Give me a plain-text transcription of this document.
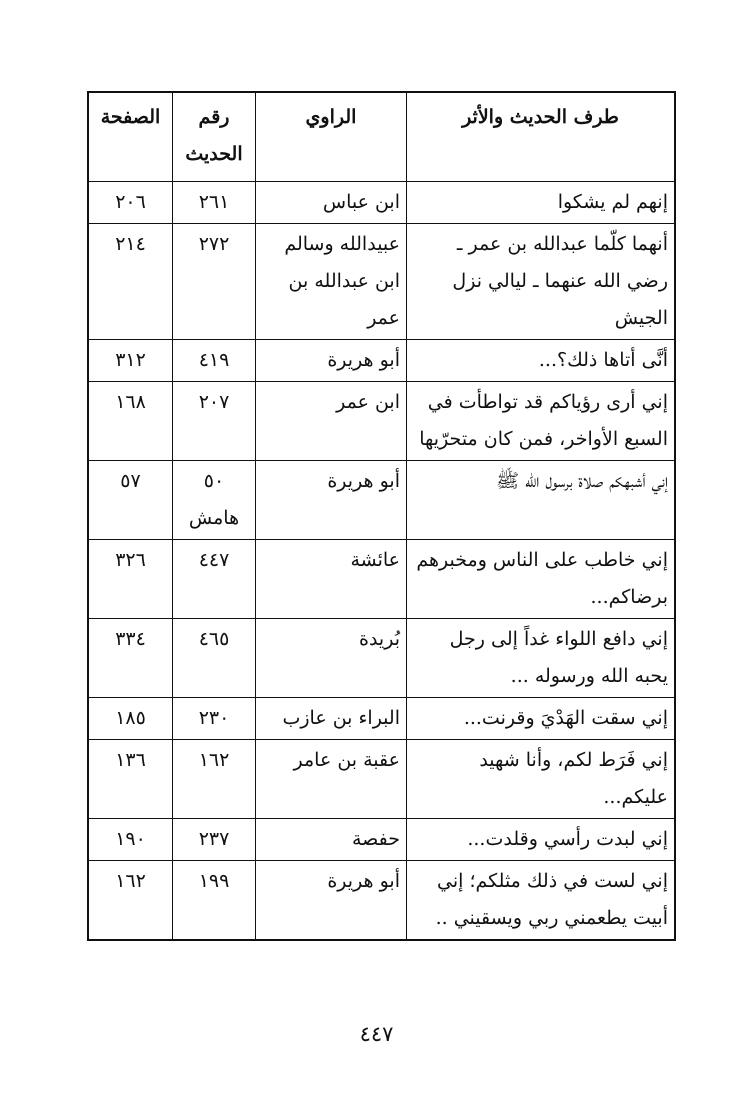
طرف الحديث والأثر	الراوي	رقم الحديث	الصفحة
إنهم لم يشكوا	ابن عباس	٢٦١	٢٠٦
أنهما كلّما عبدالله بن عمر ـ رضي الله عنهما ـ ليالي نزل الجيش	عبيدالله وسالم ابن عبدالله بن عمر	٢٧٢	٢١٤
أنَّى أتاها ذلك؟...	أبو هريرة	٤١٩	٣١٢
إني أرى رؤياكم قد تواطأت في السبع الأواخر، فمن كان متحرّيها	ابن عمر	٢٠٧	١٦٨
إني أشبهكم صلاة برسول الله ﷺ	أبو هريرة	٥٠ هامش	٥٧
إني خاطب على الناس ومخبرهم برضاكم...	عائشة	٤٤٧	٣٢٦
إني دافع اللواء غداً إلى رجل يحبه الله ورسوله ...	بُريدة	٤٦٥	٣٣٤
إني سقت الهَدْيَ وقرنت...	البراء بن عازب	٢٣٠	١٨٥
إني فَرَط لكم، وأنا شهيد عليكم...	عقبة بن عامر	١٦٢	١٣٦
إني لبدت رأسي وقلدت...	حفصة	٢٣٧	١٩٠
إني لست في ذلك مثلكم؛ إني أبيت يطعمني ربي ويسقيني ..	أبو هريرة	١٩٩	١٦٢
٤٤٧
